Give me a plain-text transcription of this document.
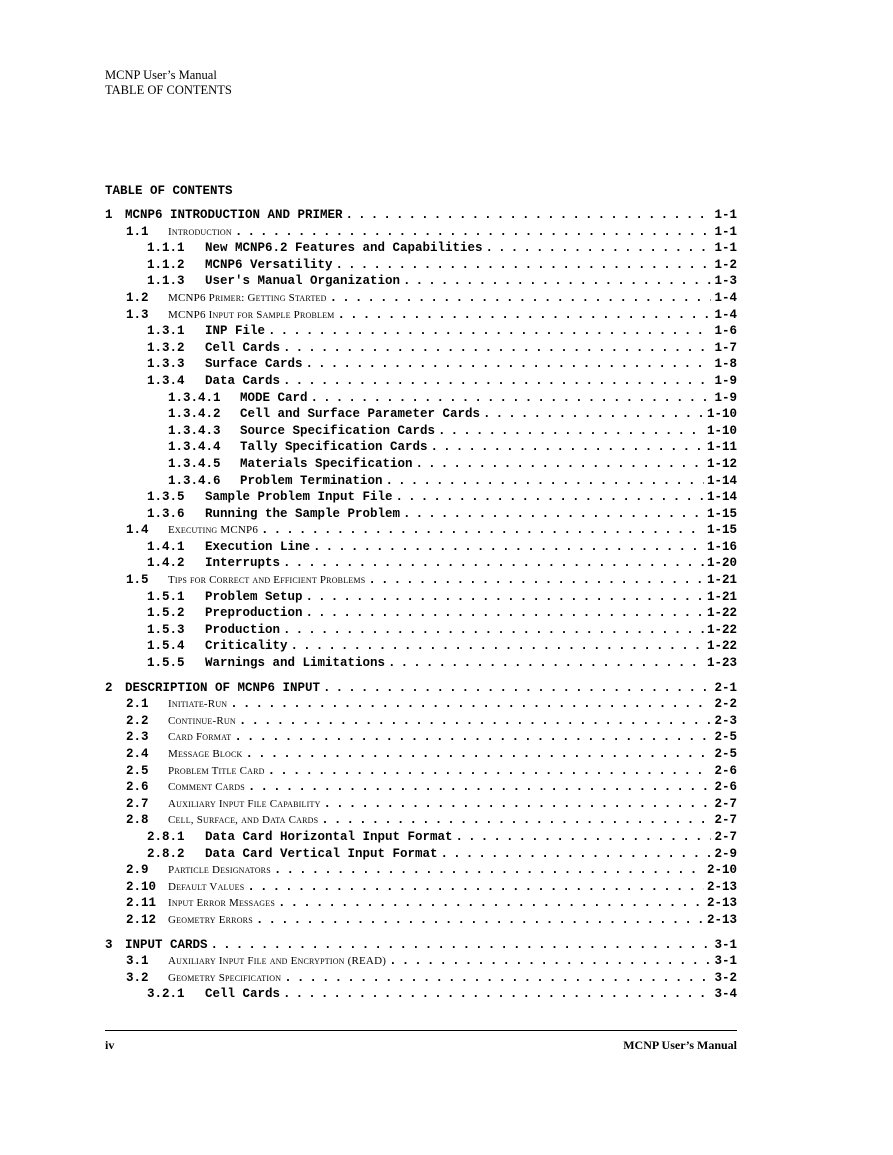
MCNP User’s Manual
TABLE OF CONTENTS
TABLE OF CONTENTS
1 MCNP6 INTRODUCTION AND PRIMER . . .	1-1
1.1	Introduction . . .	1-1
1.1.1	New MCNP6.2 Features and Capabilities . . .	1-1
1.1.2	MCNP6 Versatility . . .	1-2
1.1.3	User's Manual Organization . . .	1-3
1.2	MCNP6 Primer: Getting Started . . .	1-4
1.3	MCNP6 Input for Sample Problem . . .	1-4
1.3.1	INP File . . .	1-6
1.3.2	Cell Cards . . .	1-7
1.3.3	Surface Cards . . .	1-8
1.3.4	Data Cards . . .	1-9
1.3.4.1	MODE Card . . .	1-9
1.3.4.2	Cell and Surface Parameter Cards . . .	1-10
1.3.4.3	Source Specification Cards . . .	1-10
1.3.4.4	Tally Specification Cards . . .	1-11
1.3.4.5	Materials Specification . . .	1-12
1.3.4.6	Problem Termination . . .	1-14
1.3.5	Sample Problem Input File . . .	1-14
1.3.6	Running the Sample Problem . . .	1-15
1.4	Executing MCNP6 . . .	1-15
1.4.1	Execution Line . . .	1-16
1.4.2	Interrupts . . .	1-20
1.5	Tips for Correct and Efficient Problems . . .	1-21
1.5.1	Problem Setup . . .	1-21
1.5.2	Preproduction . . .	1-22
1.5.3	Production . . .	1-22
1.5.4	Criticality . . .	1-22
1.5.5	Warnings and Limitations . . .	1-23
2 DESCRIPTION OF MCNP6 INPUT . . .	2-1
2.1	Initiate-Run . . .	2-2
2.2	Continue-Run . . .	2-3
2.3	Card Format . . .	2-5
2.4	Message Block . . .	2-5
2.5	Problem Title Card . . .	2-6
2.6	Comment Cards . . .	2-6
2.7	Auxiliary Input File Capability . . .	2-7
2.8	Cell, Surface, and Data Cards . . .	2-7
2.8.1	Data Card Horizontal Input Format . . .	2-7
2.8.2	Data Card Vertical Input Format . . .	2-9
2.9	Particle Designators . . .	2-10
2.10	Default Values . . .	2-13
2.11	Input Error Messages . . .	2-13
2.12	Geometry Errors . . .	2-13
3 INPUT CARDS . . .	3-1
3.1	Auxiliary Input File and Encryption (READ) . . .	3-1
3.2	Geometry Specification . . .	3-2
3.2.1	Cell Cards . . .	3-4
iv	MCNP User’s Manual
